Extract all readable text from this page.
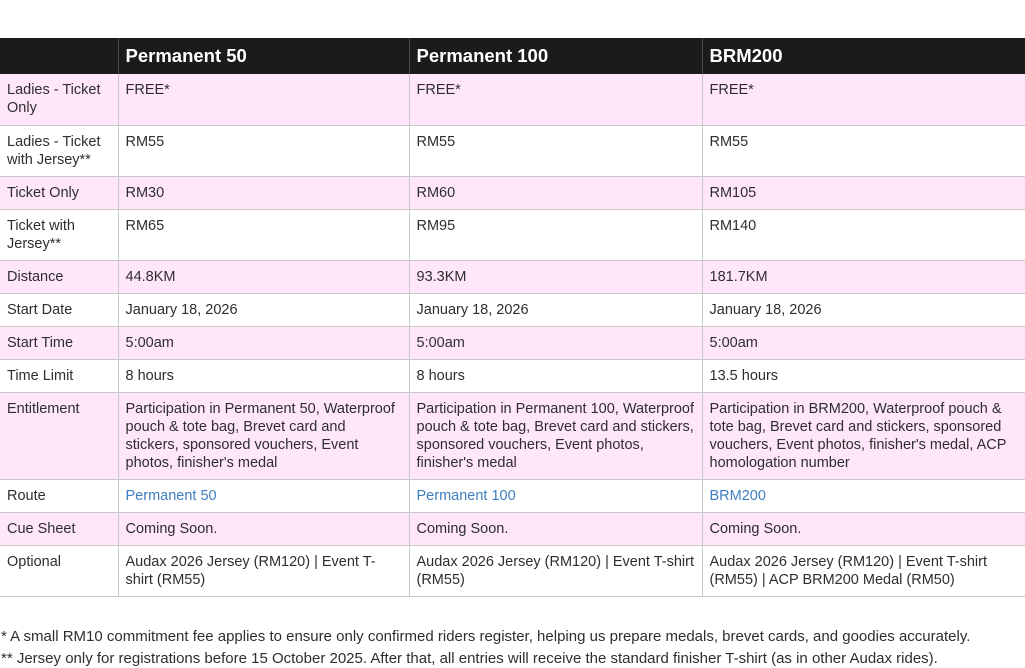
	Permanent 50	Permanent 100	BRM200
Ladies - Ticket Only	FREE*	FREE*	FREE*
Ladies - Ticket with Jersey**	RM55	RM55	RM55
Ticket Only	RM30	RM60	RM105
Ticket with Jersey**	RM65	RM95	RM140
Distance	44.8KM	93.3KM	181.7KM
Start Date	January 18, 2026	January 18, 2026	January 18, 2026
Start Time	5:00am	5:00am	5:00am
Time Limit	8 hours	8 hours	13.5 hours
Entitlement	Participation in Permanent 50, Waterproof pouch & tote bag, Brevet card and stickers, sponsored vouchers, Event photos, finisher's medal	Participation in Permanent 100, Waterproof pouch & tote bag, Brevet card and stickers, sponsored vouchers, Event photos, finisher's medal	Participation in BRM200, Waterproof pouch & tote bag, Brevet card and stickers, sponsored vouchers, Event photos, finisher's medal, ACP homologation number
Route	Permanent 50	Permanent 100	BRM200
Cue Sheet	Coming Soon.	Coming Soon.	Coming Soon.
Optional	Audax 2026 Jersey (RM120) | Event T-shirt (RM55)	Audax 2026 Jersey (RM120) | Event T-shirt (RM55)	Audax 2026 Jersey (RM120) | Event T-shirt (RM55) | ACP BRM200 Medal (RM50)
* A small RM10 commitment fee applies to ensure only confirmed riders register, helping us prepare medals, brevet cards, and goodies accurately.
** Jersey only for registrations before 15 October 2025. After that, all entries will receive the standard finisher T-shirt (as in other Audax rides).
